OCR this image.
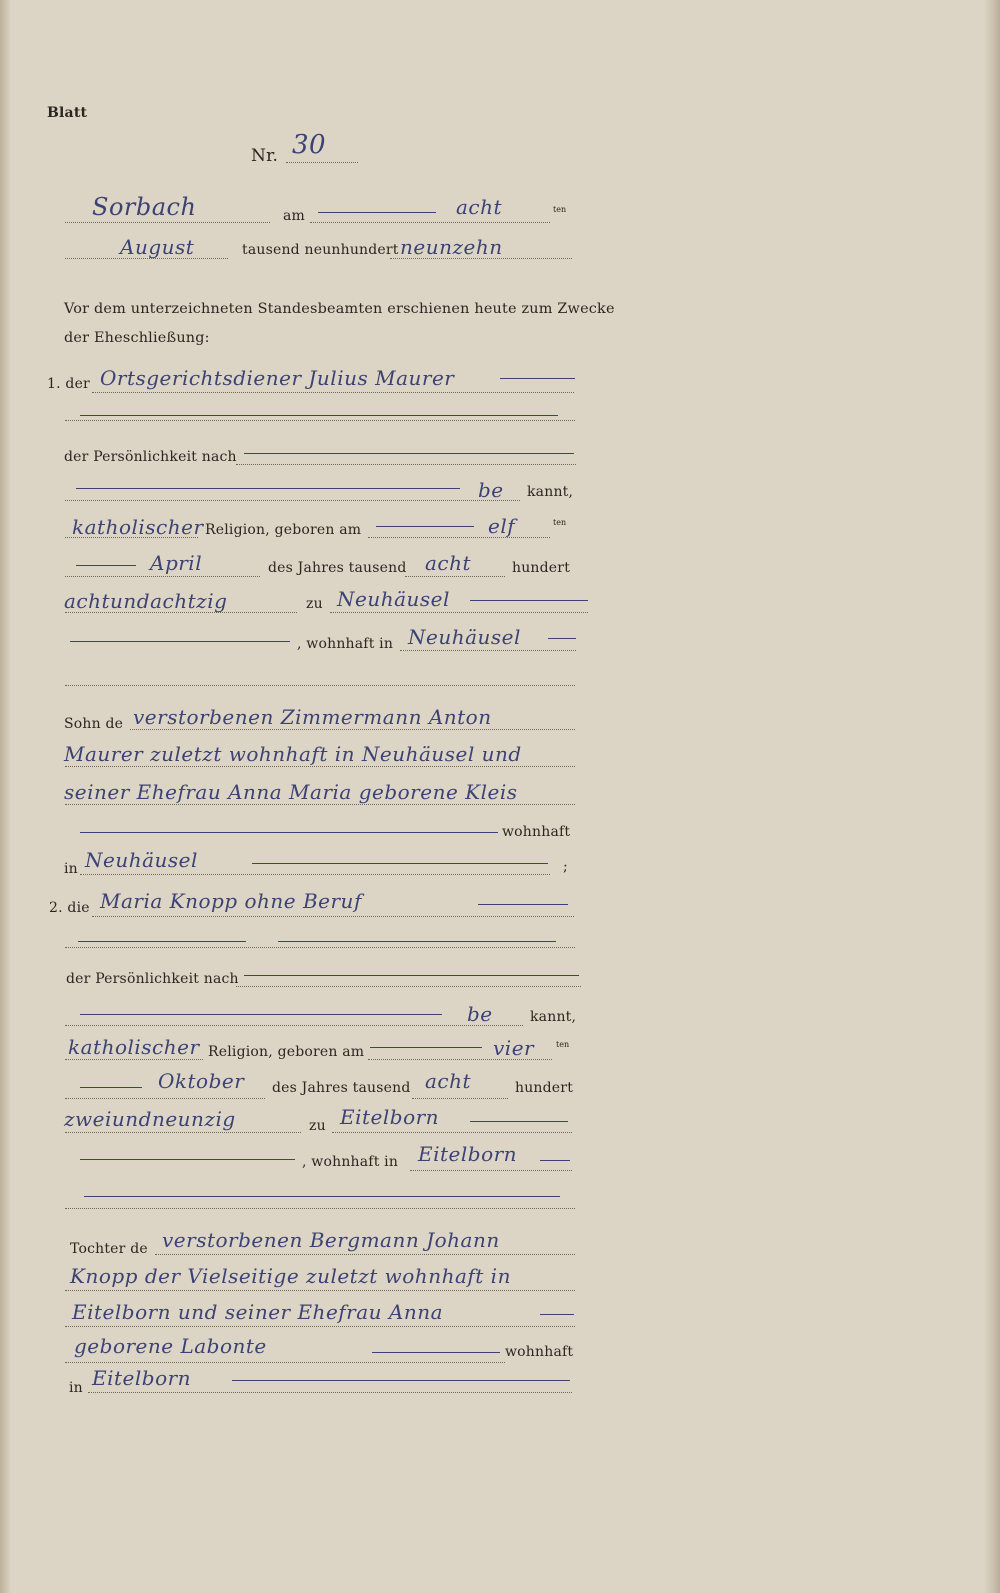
Blatt
Nr. 30
Sorbach	am	acht	ten
August	tausend neunhundert neunzehn
Vor dem unterzeichneten Standesbeamten erschienen heute zum Zwecke
der Eheschließung:
1. der Ortsgerichtsdiener Julius Maurer
der Persönlichkeit nach
be kannt,
katholischer Religion, geboren am	elf	ten
April	des Jahres tausend acht	hundert
achtundachtzig	zu Neuhäusel
, wohnhaft in Neuhäusel
Sohn de verstorbenen Zimmermann Anton
Maurer zuletzt wohnhaft in Neuhäusel und
seiner Ehefrau Anna Maria geborene Kleis
wohnhaft
in Neuhäusel	;
2. die Maria Knopp ohne Beruf
der Persönlichkeit nach
be	kannt,
katholischer Religion, geboren am	vier	ten
Oktober des Jahres tausend acht	hundert
zweiundneunzig	zu Eitelborn
, wohnhaft in Eitelborn
Tochter de verstorbenen Bergmann Johann
Knopp der Vielseitige zuletzt wohnhaft in
Eitelborn und seiner Ehefrau Anna
geborene Labonte	wohnhaft
in Eitelborn
